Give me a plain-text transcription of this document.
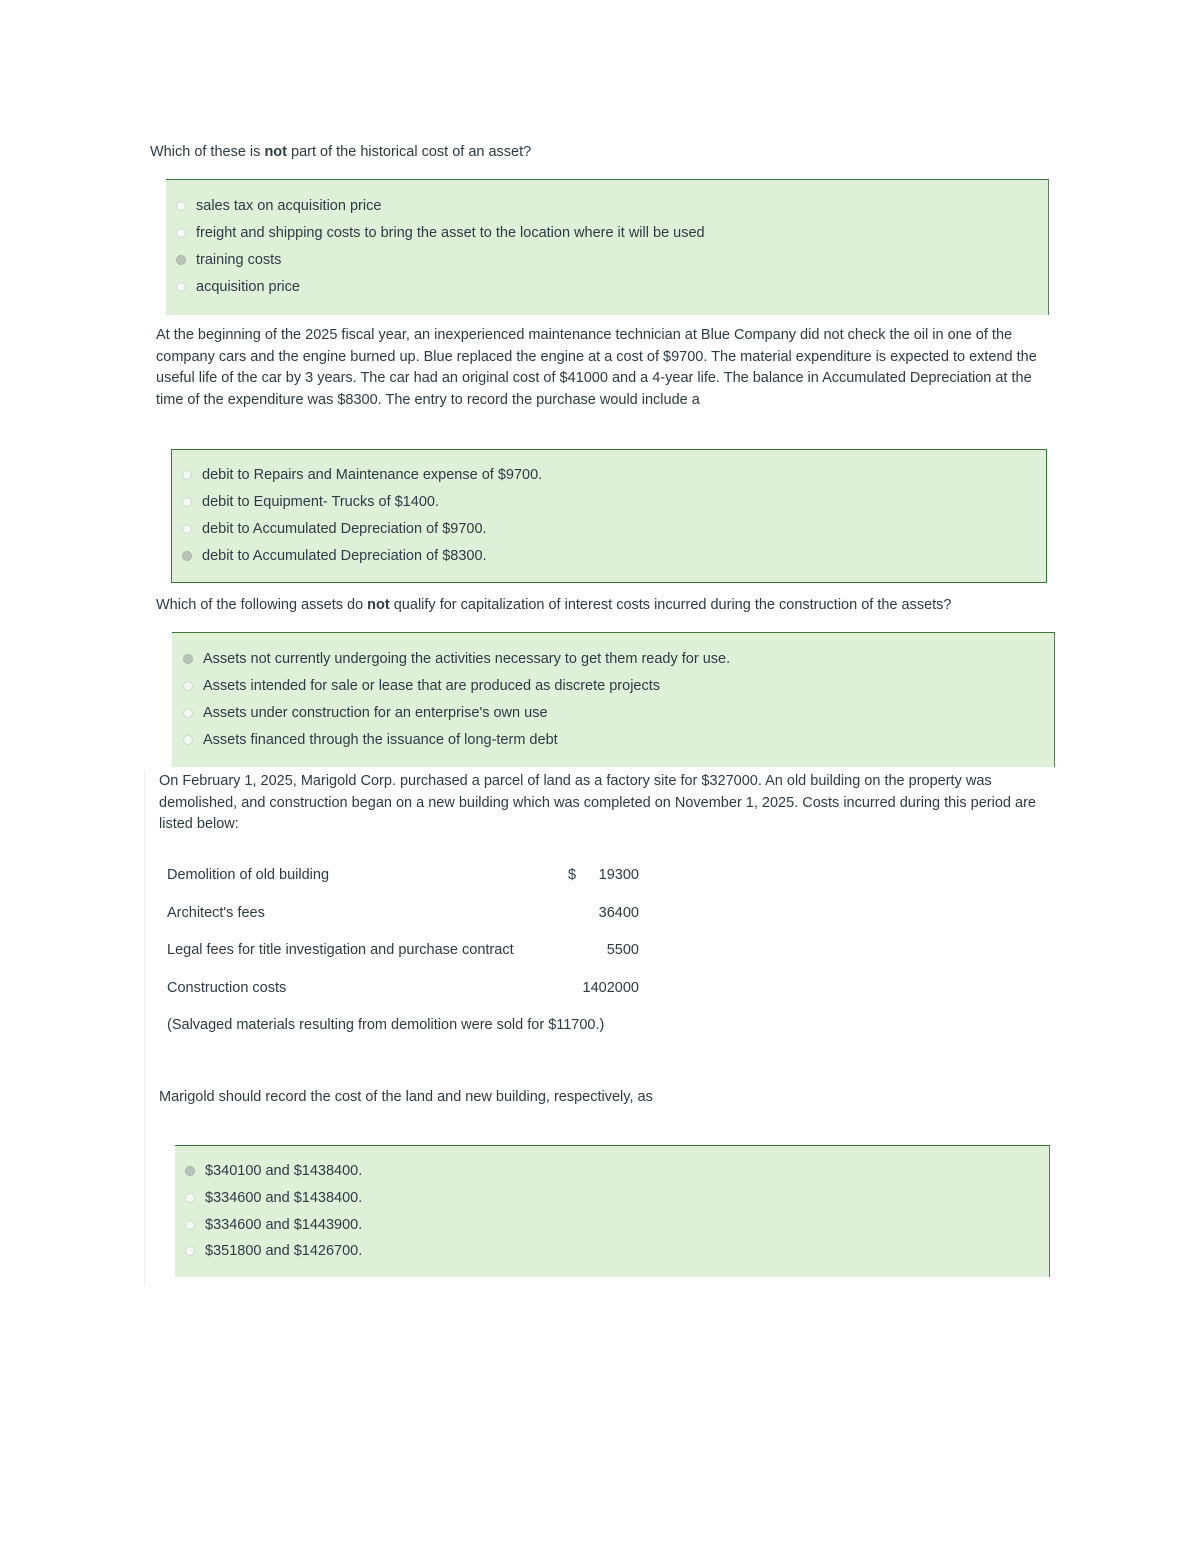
Which of these is not part of the historical cost of an asset?
sales tax on acquisition price
freight and shipping costs to bring the asset to the location where it will be used
training costs
acquisition price
At the beginning of the 2025 fiscal year, an inexperienced maintenance technician at Blue Company did not check the oil in one of the company cars and the engine burned up. Blue replaced the engine at a cost of $9700. The material expenditure is expected to extend the useful life of the car by 3 years. The car had an original cost of $41000 and a 4-year life. The balance in Accumulated Depreciation at the time of the expenditure was $8300. The entry to record the purchase would include a
debit to Repairs and Maintenance expense of $9700.
debit to Equipment- Trucks of $1400.
debit to Accumulated Depreciation of $9700.
debit to Accumulated Depreciation of $8300.
Which of the following assets do not qualify for capitalization of interest costs incurred during the construction of the assets?
Assets not currently undergoing the activities necessary to get them ready for use.
Assets intended for sale or lease that are produced as discrete projects
Assets under construction for an enterprise's own use
Assets financed through the issuance of long-term debt
On February 1, 2025, Marigold Corp. purchased a parcel of land as a factory site for $327000. An old building on the property was demolished, and construction began on a new building which was completed on November 1, 2025. Costs incurred during this period are listed below:
Demolition of old building	$ 19300
Architect's fees	36400
Legal fees for title investigation and purchase contract	5500
Construction costs	1402000
(Salvaged materials resulting from demolition were sold for $11700.)
Marigold should record the cost of the land and new building, respectively, as
$340100 and $1438400.
$334600 and $1438400.
$334600 and $1443900.
$351800 and $1426700.
